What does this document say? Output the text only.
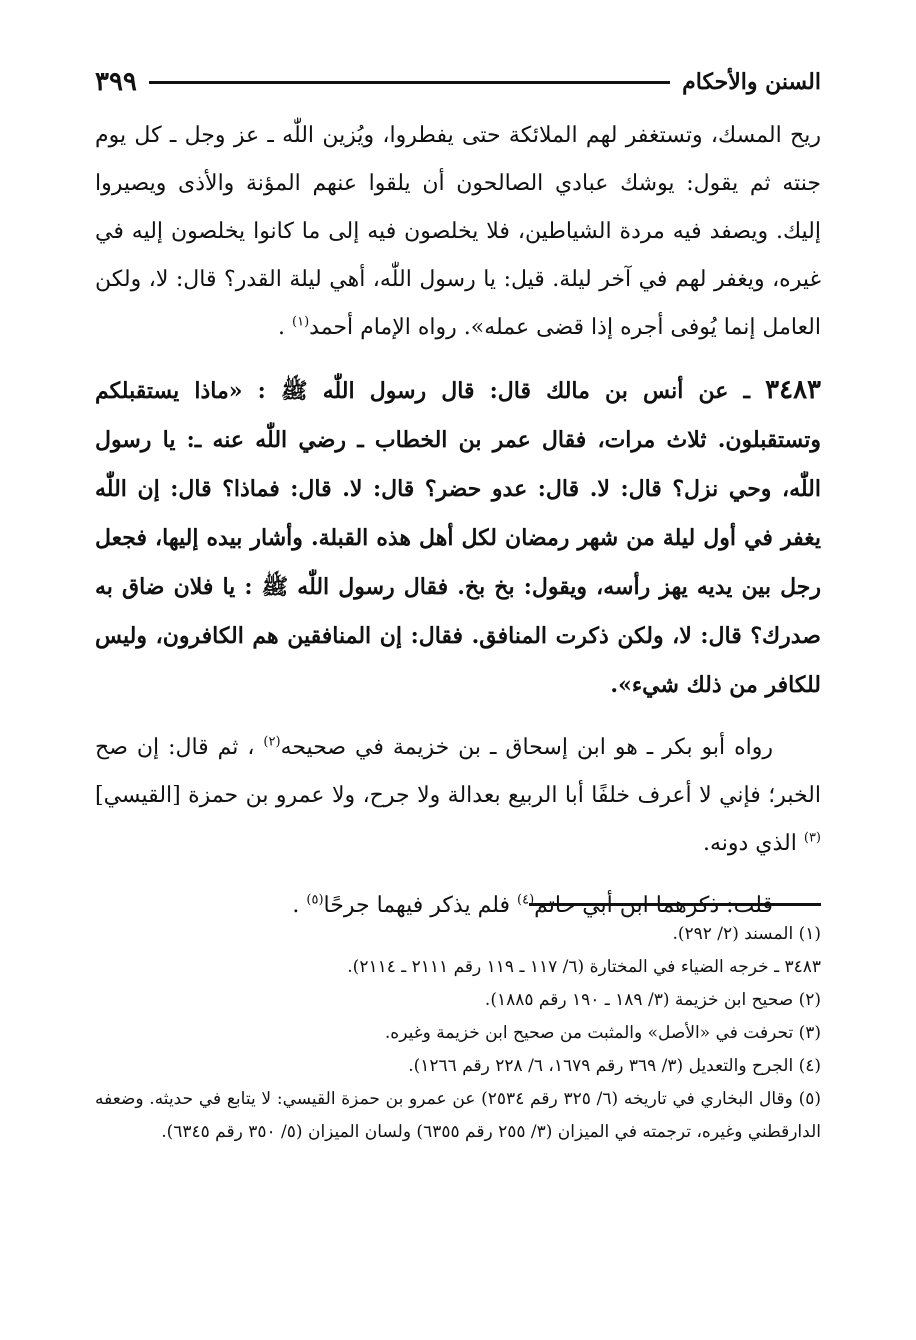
السنن والأحكام
٣٩٩

ريح المسك، وتستغفر لهم الملائكة حتى يفطروا، ويُزين اللّٰه ـ عز وجل ـ كل يوم جنته ثم يقول: يوشك عبادي الصالحون أن يلقوا عنهم المؤنة والأذى ويصيروا إليك. ويصفد فيه مردة الشياطين، فلا يخلصون فيه إلى ما كانوا يخلصون إليه في غيره، ويغفر لهم في آخر ليلة. قيل: يا رسول اللّٰه، أهي ليلة القدر؟ قال: لا، ولكن العامل إنما يُوفى أجره إذا قضى عمله». رواه الإمام أحمد$^{(١)}$ .

٣٤٨٣ ـ عن أنس بن مالك قال: قال رسول اللّٰه ﷺ : «ماذا يستقبلكم وتستقبلون. ثلاث مرات، فقال عمر بن الخطاب ـ رضي اللّٰه عنه ـ: يا رسول اللّٰه، وحي نزل؟ قال: لا. قال: عدو حضر؟ قال: لا. قال: فماذا؟ قال: إن اللّٰه يغفر في أول ليلة من شهر رمضان لكل أهل هذه القبلة. وأشار بيده إليها، فجعل رجل بين يديه يهز رأسه، ويقول: بخ بخ. فقال رسول اللّٰه ﷺ : يا فلان ضاق به صدرك؟ قال: لا، ولكن ذكرت المنافق. فقال: إن المنافقين هم الكافرون، وليس للكافر من ذلك شيء».

رواه أبو بكر ـ هو ابن إسحاق ـ بن خزيمة في صحيحه$^{(٢)}$ ، ثم قال: إن صح الخبر؛ فإني لا أعرف خلفًا أبا الربيع بعدالة ولا جرح، ولا عمرو بن حمزة [القيسي]$^{(٣)}$ الذي دونه.

قلت: ذكرهما ابن أبي حاتم$^{(٤)}$ فلم يذكر فيهما جرحًا$^{(٥)}$ .

(١) المسند (٢/ ٢٩٢).

٣٤٨٣ ـ خرجه الضياء في المختارة (٦/ ١١٧ ـ ١١٩ رقم ٢١١١ ـ ٢١١٤).

(٢) صحيح ابن خزيمة (٣/ ١٨٩ ـ ١٩٠ رقم ١٨٨٥).

(٣) تحرفت في «الأصل» والمثبت من صحيح ابن خزيمة وغيره.

(٤) الجرح والتعديل (٣/ ٣٦٩ رقم ١٦٧٩، ٦/ ٢٢٨ رقم ١٢٦٦).

(٥) وقال البخاري في تاريخه (٦/ ٣٢٥ رقم ٢٥٣٤) عن عمرو بن حمزة القيسي: لا يتابع في حديثه. وضعفه الدارقطني وغيره، ترجمته في الميزان (٣/ ٢٥٥ رقم ٦٣٥٥) ولسان الميزان (٥/ ٣٥٠ رقم ٦٣٤٥).
